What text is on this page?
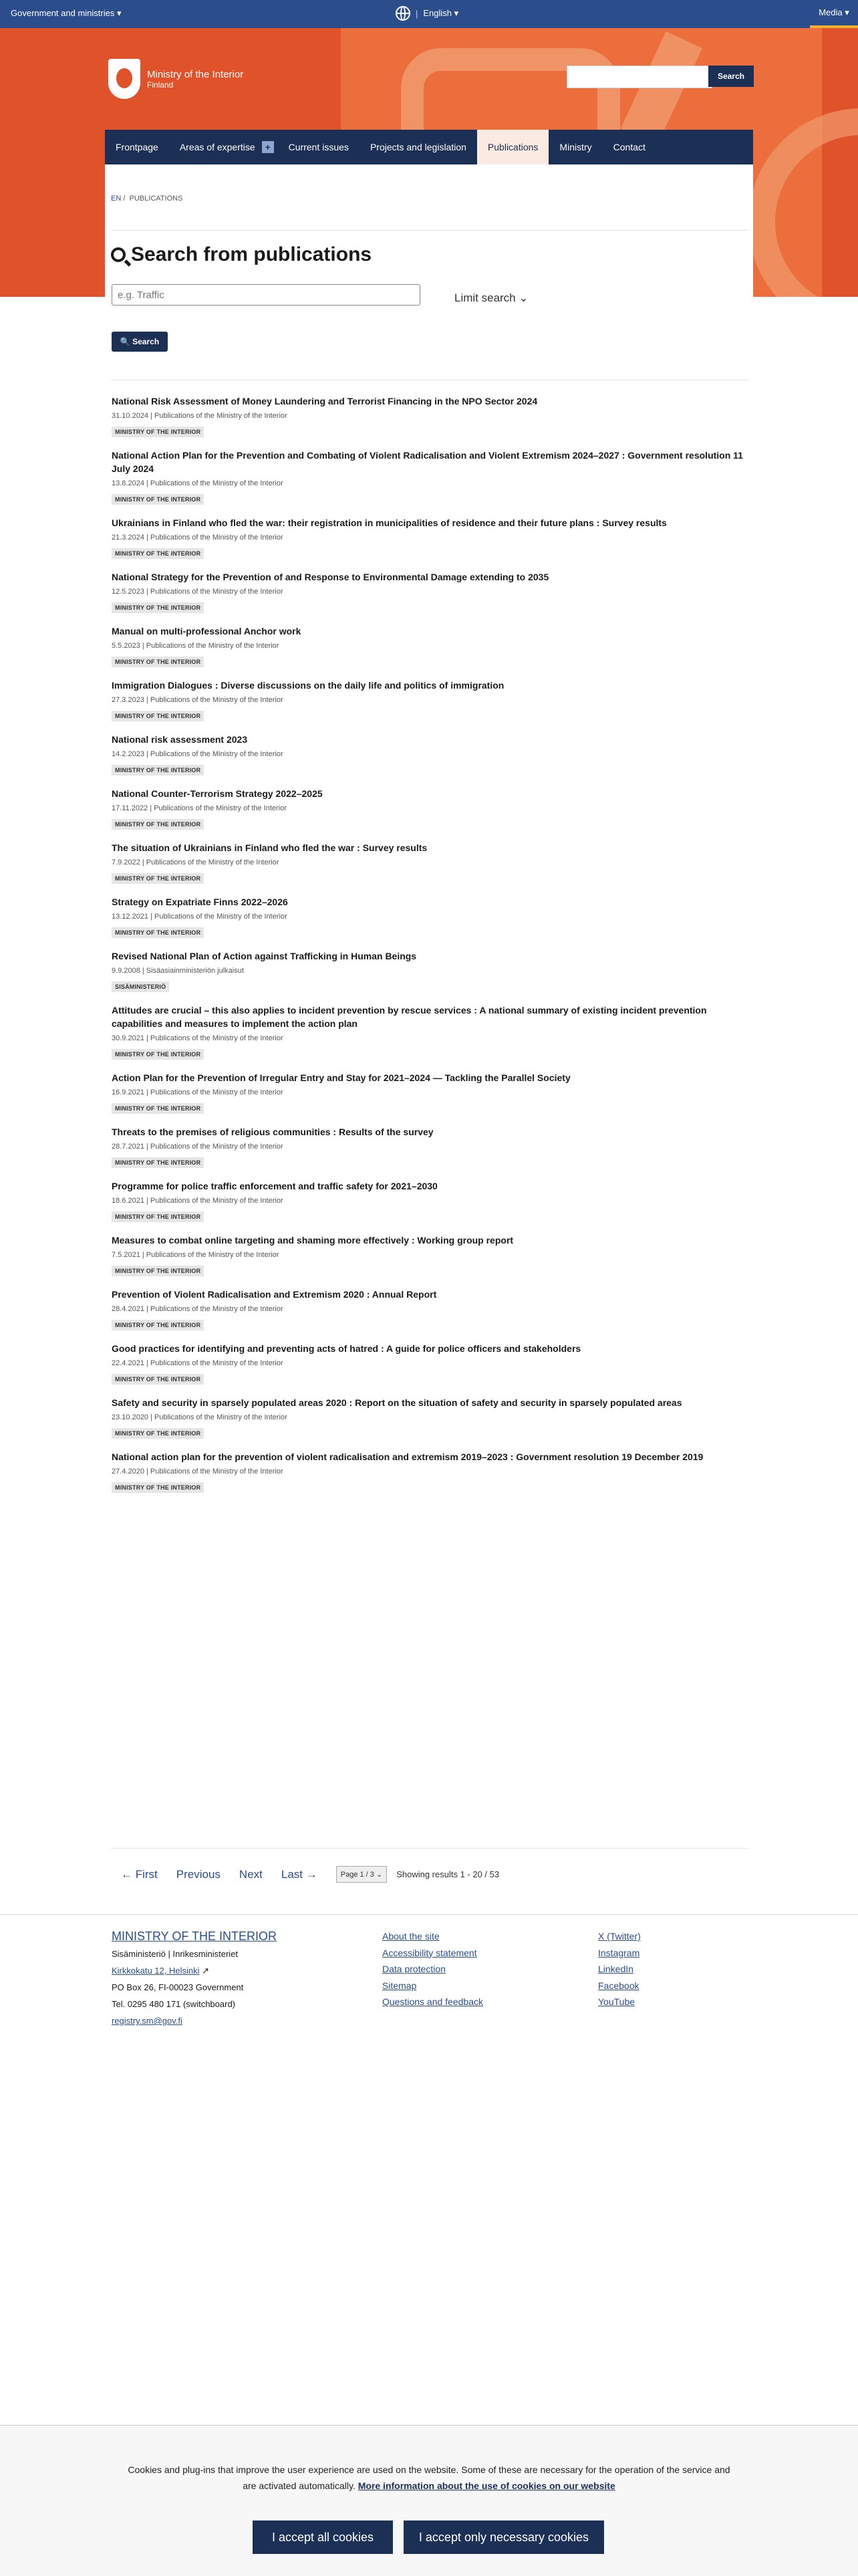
Government and ministries ▾	| English ▾	Media ▾
Ministry of the Interior
Finland
Search
Frontpage	Areas of expertise	+	Current issues	Projects and legislation	Publications	Ministry	Contact
EN / PUBLICATIONS
Search from publications
e.g. Traffic
Limit search ⌄
🔍 Search
National Risk Assessment of Money Laundering and Terrorist Financing in the NPO Sector 2024
31.10.2024 | Publications of the Ministry of the Interior
MINISTRY OF THE INTERIOR
National Action Plan for the Prevention and Combating of Violent Radicalisation and Violent Extremism 2024–2027 : Government resolution 11 July 2024
13.8.2024 | Publications of the Ministry of the Interior
MINISTRY OF THE INTERIOR
Ukrainians in Finland who fled the war: their registration in municipalities of residence and their future plans : Survey results
21.3.2024 | Publications of the Ministry of the Interior
MINISTRY OF THE INTERIOR
National Strategy for the Prevention of and Response to Environmental Damage extending to 2035
12.5.2023 | Publications of the Ministry of the Interior
MINISTRY OF THE INTERIOR
Manual on multi-professional Anchor work
5.5.2023 | Publications of the Ministry of the Interior
MINISTRY OF THE INTERIOR
Immigration Dialogues : Diverse discussions on the daily life and politics of immigration
27.3.2023 | Publications of the Ministry of the Interior
MINISTRY OF THE INTERIOR
National risk assessment 2023
14.2.2023 | Publications of the Ministry of the Interior
MINISTRY OF THE INTERIOR
National Counter-Terrorism Strategy 2022–2025
17.11.2022 | Publications of the Ministry of the Interior
MINISTRY OF THE INTERIOR
The situation of Ukrainians in Finland who fled the war : Survey results
7.9.2022 | Publications of the Ministry of the Interior
MINISTRY OF THE INTERIOR
Strategy on Expatriate Finns 2022–2026
13.12.2021 | Publications of the Ministry of the Interior
MINISTRY OF THE INTERIOR
Revised National Plan of Action against Trafficking in Human Beings
9.9.2008 | Sisäasiainministeriön julkaisut
SISÄMINISTERIÖ
Attitudes are crucial – this also applies to incident prevention by rescue services : A national summary of existing incident prevention capabilities and measures to implement the action plan
30.9.2021 | Publications of the Ministry of the Interior
MINISTRY OF THE INTERIOR
Action Plan for the Prevention of Irregular Entry and Stay for 2021–2024 — Tackling the Parallel Society
16.9.2021 | Publications of the Ministry of the Interior
MINISTRY OF THE INTERIOR
Threats to the premises of religious communities : Results of the survey
28.7.2021 | Publications of the Ministry of the Interior
MINISTRY OF THE INTERIOR
Programme for police traffic enforcement and traffic safety for 2021–2030
18.6.2021 | Publications of the Ministry of the Interior
MINISTRY OF THE INTERIOR
Measures to combat online targeting and shaming more effectively : Working group report
7.5.2021 | Publications of the Ministry of the Interior
MINISTRY OF THE INTERIOR
Prevention of Violent Radicalisation and Extremism 2020 : Annual Report
28.4.2021 | Publications of the Ministry of the Interior
MINISTRY OF THE INTERIOR
Good practices for identifying and preventing acts of hatred : A guide for police officers and stakeholders
22.4.2021 | Publications of the Ministry of the Interior
MINISTRY OF THE INTERIOR
Safety and security in sparsely populated areas 2020 : Report on the situation of safety and security in sparsely populated areas
23.10.2020 | Publications of the Ministry of the Interior
MINISTRY OF THE INTERIOR
National action plan for the prevention of violent radicalisation and extremism 2019–2023 : Government resolution 19 December 2019
27.4.2020 | Publications of the Ministry of the Interior
MINISTRY OF THE INTERIOR
← First Previous Next Last →	Page 1 / 3 ⌄	Showing results 1 - 20 / 53
MINISTRY OF THE INTERIOR
Sisäministeriö | Inrikesministeriet
Kirkkokatu 12, Helsinki ↗
PO Box 26, FI-00023 Government
Tel. 0295 480 171 (switchboard)
registry.sm@gov.fi
About the site
Accessibility statement
Data protection
Sitemap
Questions and feedback
X (Twitter)
Instagram
LinkedIn
Facebook
YouTube
Cookies and plug-ins that improve the user experience are used on the website. Some of these are necessary for the operation of the service and are activated automatically. More information about the use of cookies on our website
I accept all cookies	I accept only necessary cookies
